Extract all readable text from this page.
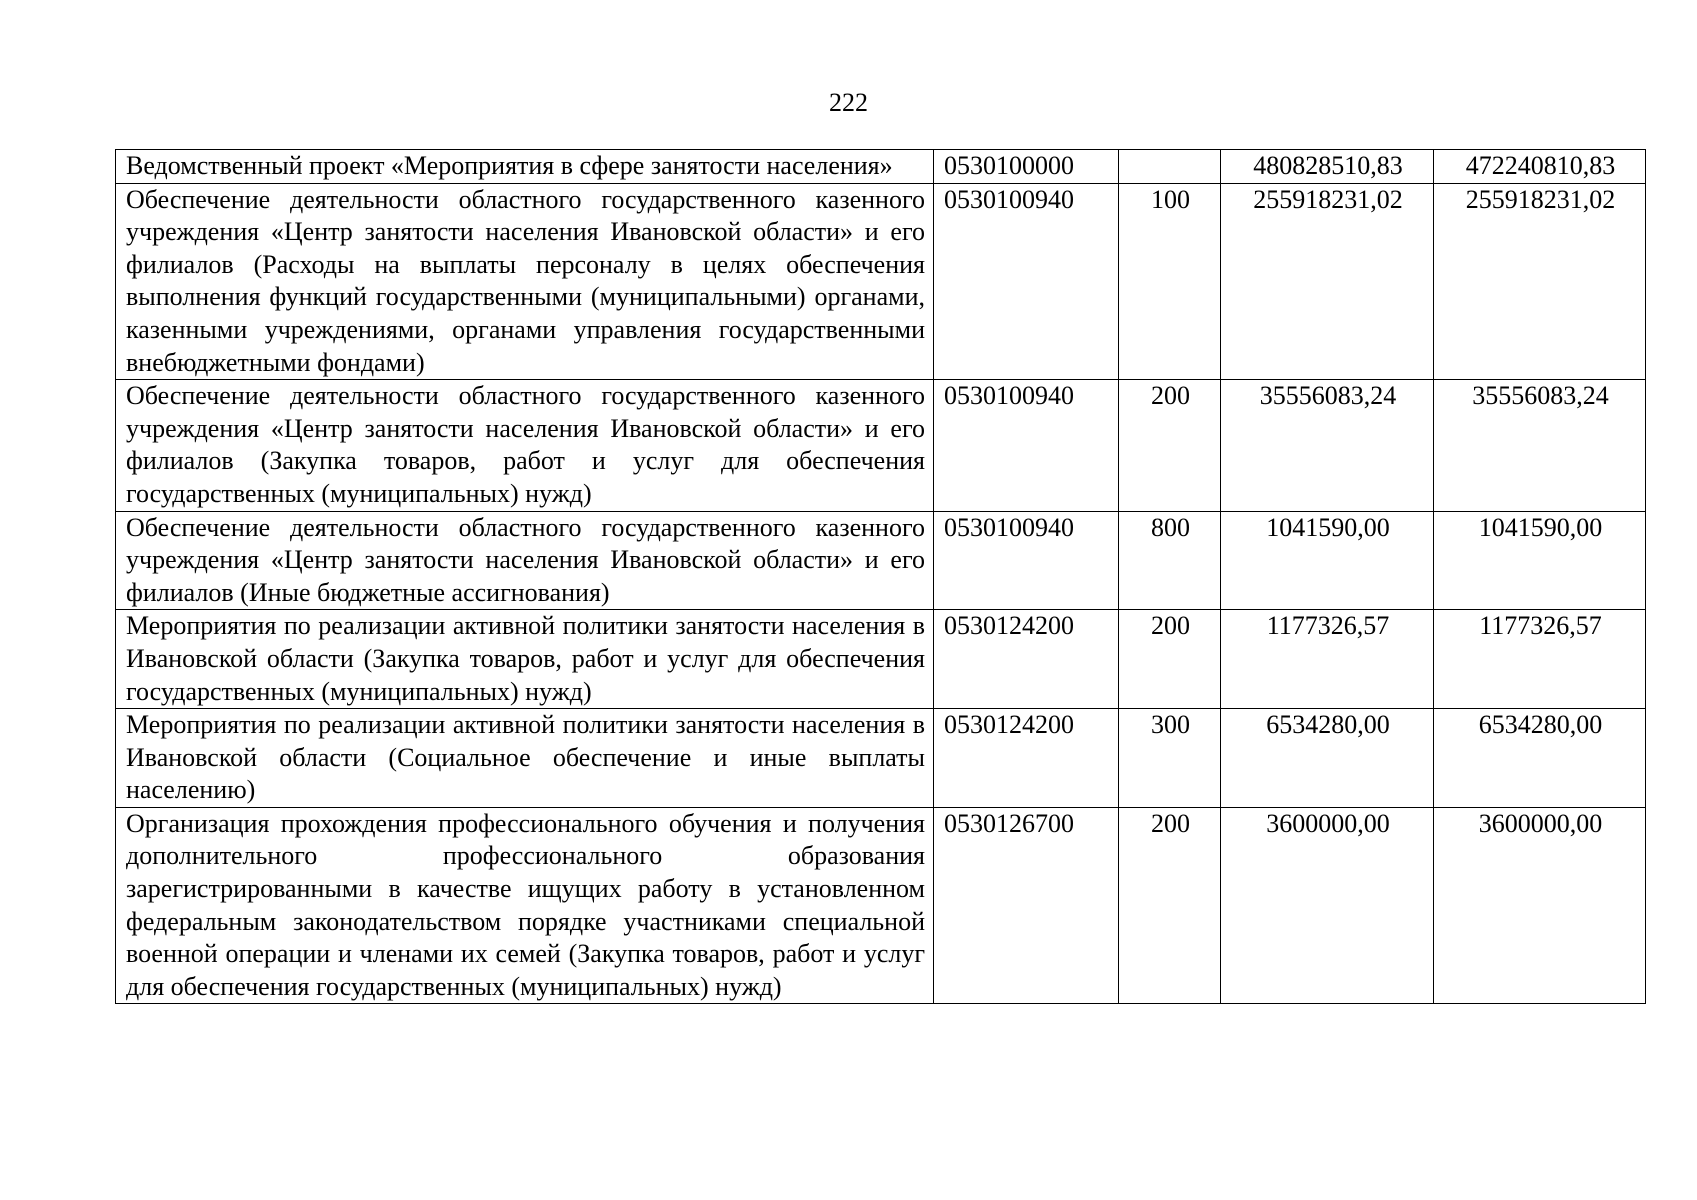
222
Ведомственный проект «Мероприятия в сфере занятости населения»	0530100000		480828510,83	472240810,83
Обеспечение деятельности областного государственного казенного учреждения «Центр занятости населения Ивановской области» и его филиалов (Расходы на выплаты персоналу в целях обеспечения выполнения функций государственными (муниципальными) органами, казенными учреждениями, органами управления государственными внебюджетными фондами)	0530100940	100	255918231,02	255918231,02
Обеспечение деятельности областного государственного казенного учреждения «Центр занятости населения Ивановской области» и его филиалов (Закупка товаров, работ и услуг для обеспечения государственных (муниципальных) нужд)	0530100940	200	35556083,24	35556083,24
Обеспечение деятельности областного государственного казенного учреждения «Центр занятости населения Ивановской области» и его филиалов (Иные бюджетные ассигнования)	0530100940	800	1041590,00	1041590,00
Мероприятия по реализации активной политики занятости населения в Ивановской области (Закупка товаров, работ и услуг для обеспечения государственных (муниципальных) нужд)	0530124200	200	1177326,57	1177326,57
Мероприятия по реализации активной политики занятости населения в Ивановской области (Социальное обеспечение и иные выплаты населению)	0530124200	300	6534280,00	6534280,00
Организация прохождения профессионального обучения и получения дополнительного профессионального образования зарегистрированными в качестве ищущих работу в установленном федеральным законодательством порядке участниками специальной военной операции и членами их семей (Закупка товаров, работ и услуг для обеспечения государственных (муниципальных) нужд)	0530126700	200	3600000,00	3600000,00
